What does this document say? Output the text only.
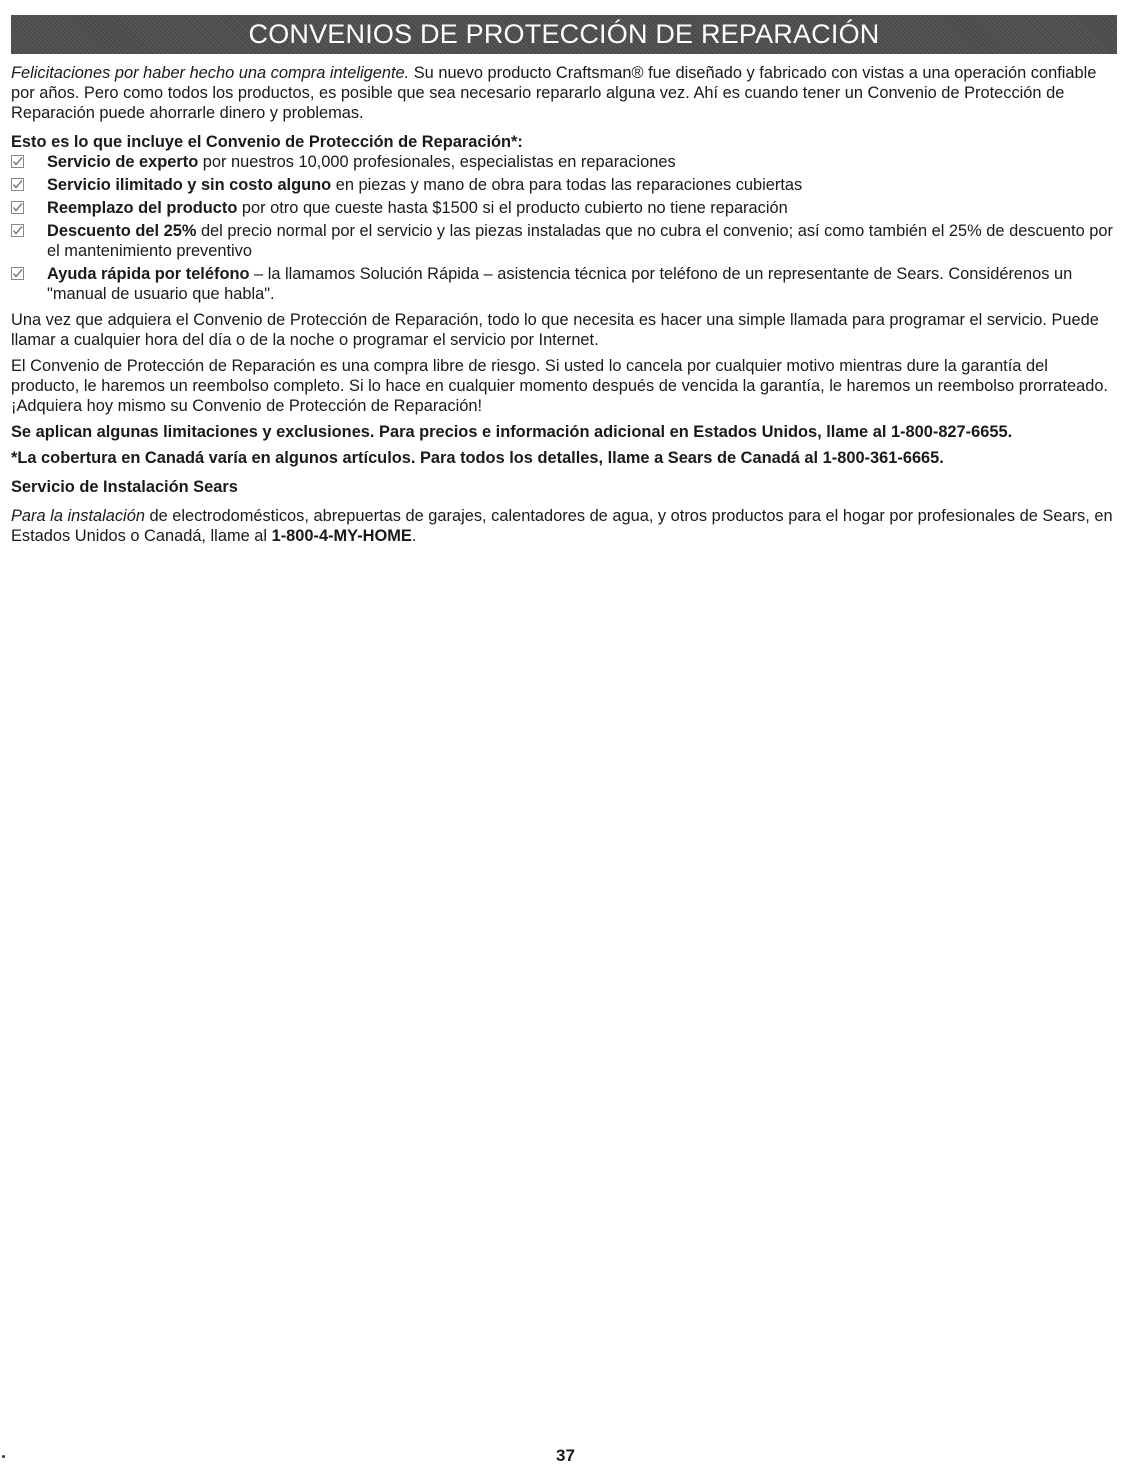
CONVENIOS DE PROTECCIÓN DE REPARACIÓN

Felicitaciones por haber hecho una compra inteligente. Su nuevo producto Craftsman® fue diseñado y fabricado con vistas a una operación confiable por años. Pero como todos los productos, es posible que sea necesario repararlo alguna vez. Ahí es cuando tener un Convenio de Protección de Reparación puede ahorrarle dinero y problemas.

Esto es lo que incluye el Convenio de Protección de Reparación*:

Servicio de experto por nuestros 10,000 profesionales, especialistas en reparaciones
Servicio ilimitado y sin costo alguno en piezas y mano de obra para todas las reparaciones cubiertas
Reemplazo del producto por otro que cueste hasta $1500 si el producto cubierto no tiene reparación
Descuento del 25% del precio normal por el servicio y las piezas instaladas que no cubra el convenio; así como también el 25% de descuento por el mantenimiento preventivo
Ayuda rápida por teléfono – la llamamos Solución Rápida – asistencia técnica por teléfono de un representante de Sears. Considérenos un "manual de usuario que habla".

Una vez que adquiera el Convenio de Protección de Reparación, todo lo que necesita es hacer una simple llamada para programar el servicio. Puede llamar a cualquier hora del día o de la noche o programar el servicio por Internet.

El Convenio de Protección de Reparación es una compra libre de riesgo. Si usted lo cancela por cualquier motivo mientras dure la garantía del producto, le haremos un reembolso completo. Si lo hace en cualquier momento después de vencida la garantía, le haremos un reembolso prorrateado. ¡Adquiera hoy mismo su Convenio de Protección de Reparación!

Se aplican algunas limitaciones y exclusiones. Para precios e información adicional en Estados Unidos, llame al 1-800-827-6655.

*La cobertura en Canadá varía en algunos artículos. Para todos los detalles, llame a Sears de Canadá al 1-800-361-6665.

Servicio de Instalación Sears

Para la instalación de electrodomésticos, abrepuertas de garajes, calentadores de agua, y otros productos para el hogar por profesionales de Sears, en Estados Unidos o Canadá, llame al 1-800-4-MY-HOME.

37
